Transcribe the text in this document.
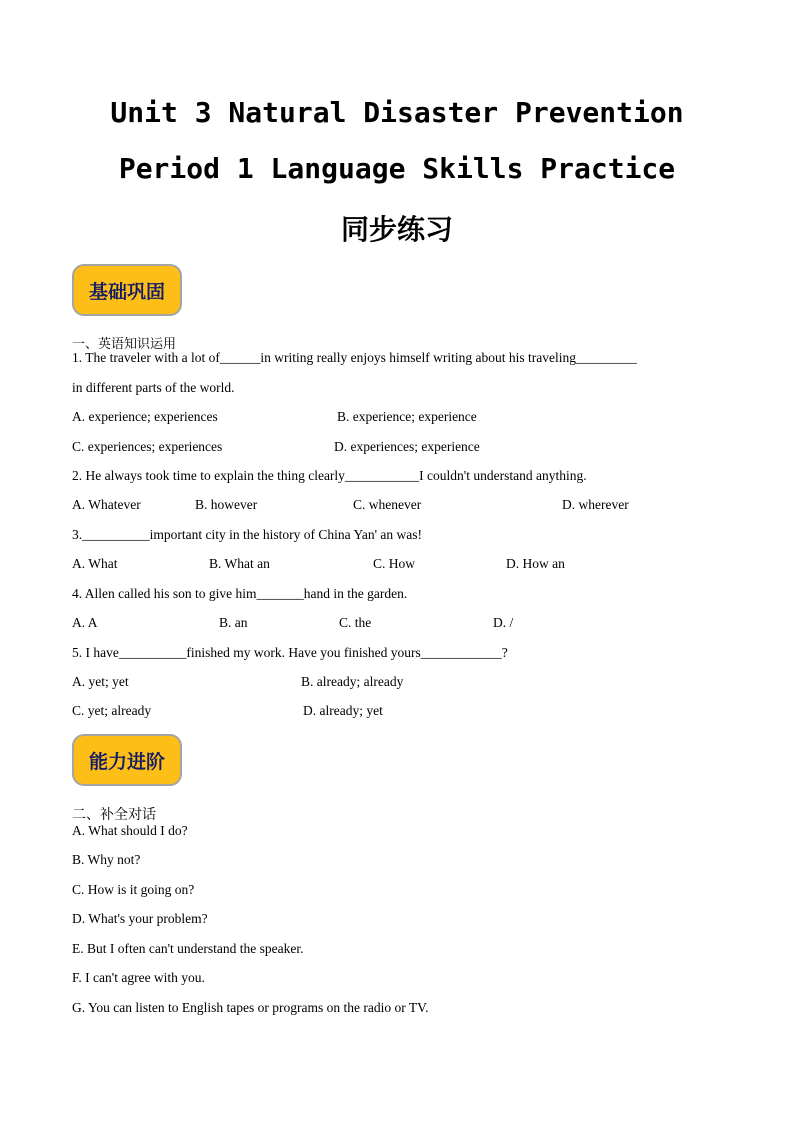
Unit 3 Natural Disaster Prevention
Period 1 Language Skills Practice
同步练习
基础巩固
一、英语知识运用
1. The traveler with a lot of______in writing really enjoys himself writing about his traveling_________
in different parts of the world.
A. experience; experiences	B. experience; experience
C. experiences; experiences	D. experiences; experience
2. He always took time to explain the thing clearly___________I couldn't understand anything.
A. Whatever	B. however	C. whenever	D. wherever
3.__________important city in the history of China Yan' an was!
A. What	B. What an	C. How	D. How an
4. Allen called his son to give him_______hand in the garden.
A. A	B. an	C. the	D. /
5. I have__________finished my work. Have you finished yours____________?
A. yet; yet	B. already; already
C. yet; already	D. already; yet
能力进阶
二、补全对话
A. What should I do?
B. Why not?
C. How is it going on?
D. What's your problem?
E. But I often can't understand the speaker.
F. I can't agree with you.
G. You can listen to English tapes or programs on the radio or TV.
